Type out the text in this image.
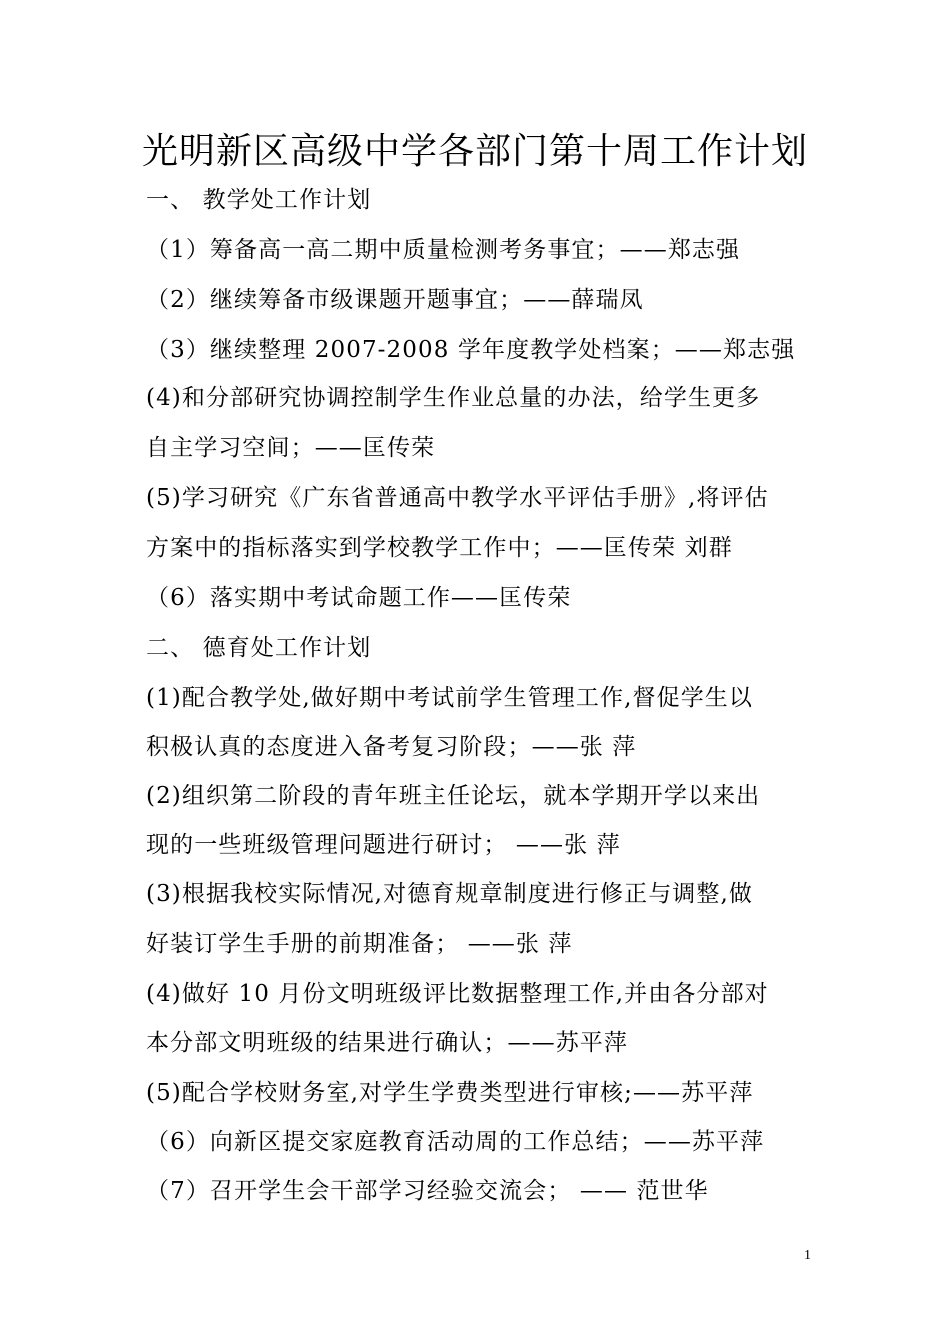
光明新区高级中学各部门第十周工作计划
一、 教学处工作计划
（1）筹备高一高二期中质量检测考务事宜；——郑志强
（2）继续筹备市级课题开题事宜；——薛瑞凤
（3）继续整理 2007-2008 学年度教学处档案；——郑志强
(4)和分部研究协调控制学生作业总量的办法，给学生更多
自主学习空间；——匡传荣
(5)学习研究《广东省普通高中教学水平评估手册》,将评估
方案中的指标落实到学校教学工作中；——匡传荣 刘群
（6）落实期中考试命题工作——匡传荣
二、 德育处工作计划
(1)配合教学处,做好期中考试前学生管理工作,督促学生以
积极认真的态度进入备考复习阶段；——张 萍
(2)组织第二阶段的青年班主任论坛，就本学期开学以来出
现的一些班级管理问题进行研讨； ——张 萍
(3)根据我校实际情况,对德育规章制度进行修正与调整,做
好装订学生手册的前期准备； ——张 萍
(4)做好 10 月份文明班级评比数据整理工作,并由各分部对
本分部文明班级的结果进行确认；——苏平萍
(5)配合学校财务室,对学生学费类型进行审核;——苏平萍
（6）向新区提交家庭教育活动周的工作总结；——苏平萍
（7）召开学生会干部学习经验交流会； —— 范世华
1
